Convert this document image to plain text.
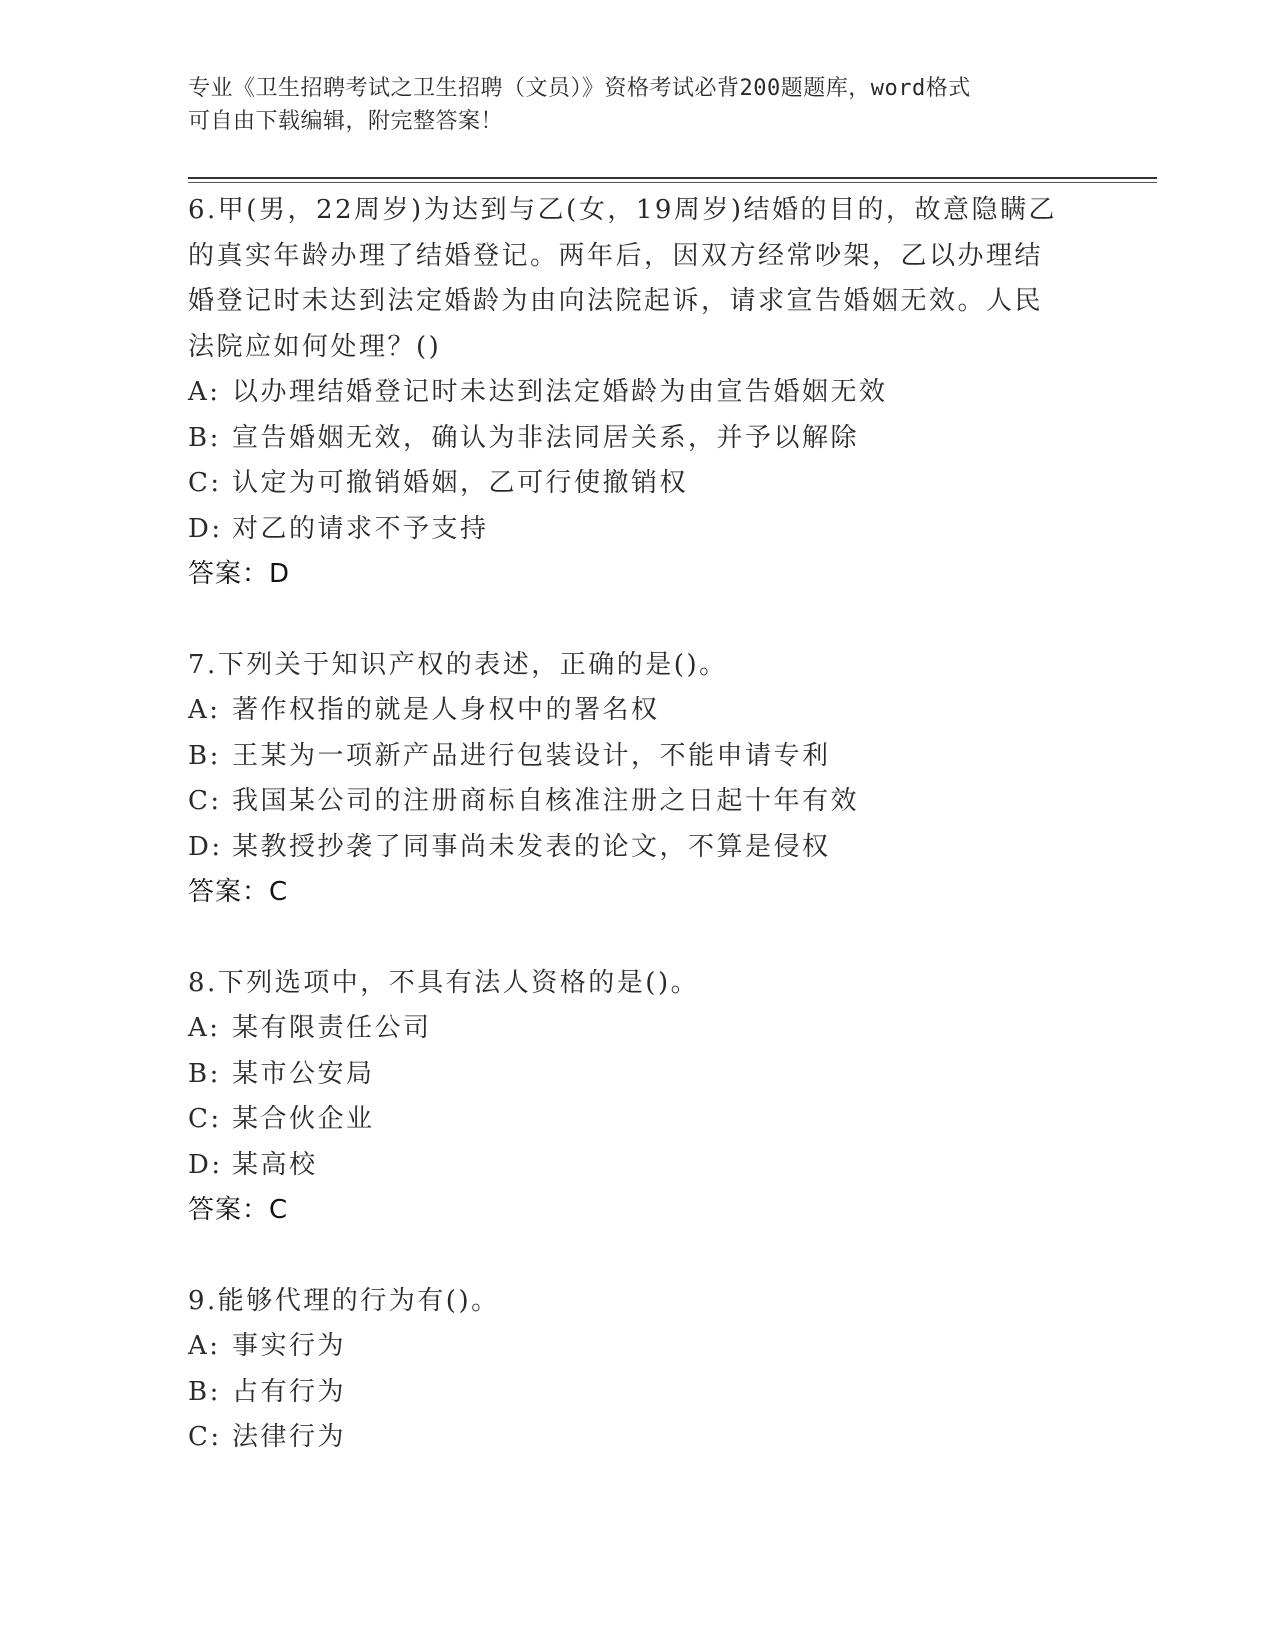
专业《卫生招聘考试之卫生招聘（文员）》资格考试必背200题题库，word格式
可自由下载编辑，附完整答案！

6.甲(男，22周岁)为达到与乙(女，19周岁)结婚的目的，故意隐瞒乙的真实年龄办理了结婚登记。两年后，因双方经常吵架，乙以办理结婚登记时未达到法定婚龄为由向法院起诉，请求宣告婚姻无效。人民法院应如何处理？()

A: 以办理结婚登记时未达到法定婚龄为由宣告婚姻无效

B: 宣告婚姻无效，确认为非法同居关系，并予以解除

C: 认定为可撤销婚姻，乙可行使撤销权

D: 对乙的请求不予支持

答案：D

7.下列关于知识产权的表述，正确的是()。

A: 著作权指的就是人身权中的署名权

B: 王某为一项新产品进行包装设计，不能申请专利

C: 我国某公司的注册商标自核准注册之日起十年有效

D: 某教授抄袭了同事尚未发表的论文，不算是侵权

答案：C

8.下列选项中，不具有法人资格的是()。

A: 某有限责任公司

B: 某市公安局

C: 某合伙企业

D: 某高校

答案：C

9.能够代理的行为有()。

A: 事实行为

B: 占有行为

C: 法律行为
